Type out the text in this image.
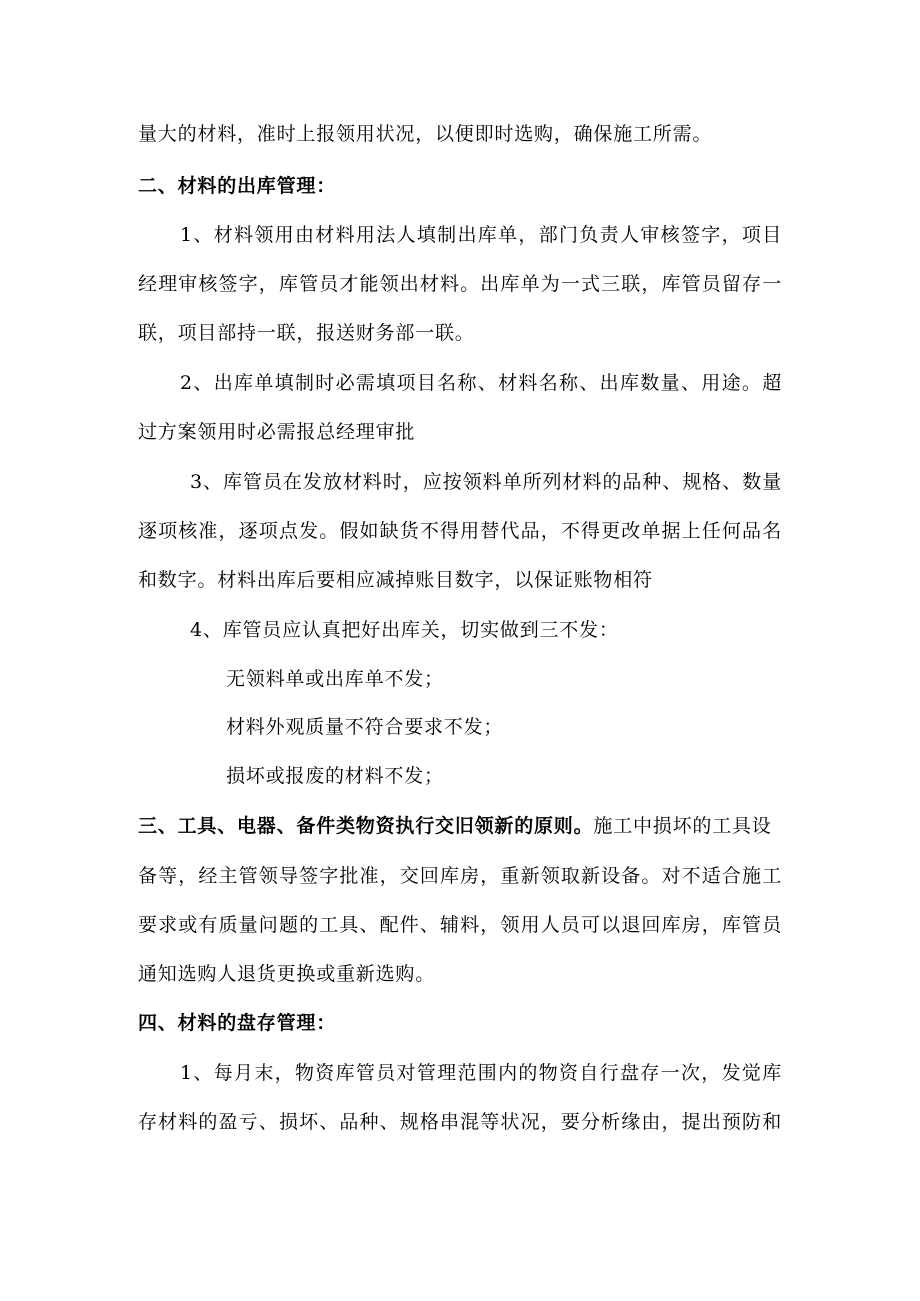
量大的材料，准时上报领用状况，以便即时选购，确保施工所需。
二、材料的出库管理：
1、材料领用由材料用法人填制出库单，部门负责人审核签字，项目
经理审核签字，库管员才能领出材料。出库单为一式三联，库管员留存一
联，项目部持一联，报送财务部一联。
2、出库单填制时必需填项目名称、材料名称、出库数量、用途。超
过方案领用时必需报总经理审批
3、库管员在发放材料时，应按领料单所列材料的品种、规格、数量
逐项核准，逐项点发。假如缺货不得用替代品，不得更改单据上任何品名
和数字。材料出库后要相应减掉账目数字，以保证账物相符
4、库管员应认真把好出库关，切实做到三不发：
无领料单或出库单不发；
材料外观质量不符合要求不发；
损坏或报废的材料不发；
三、工具、电器、备件类物资执行交旧领新的原则。施工中损坏的工具设
备等，经主管领导签字批准，交回库房，重新领取新设备。对不适合施工
要求或有质量问题的工具、配件、辅料，领用人员可以退回库房，库管员
通知选购人退货更换或重新选购。
四、材料的盘存管理：
1、每月末，物资库管员对管理范围内的物资自行盘存一次，发觉库
存材料的盈亏、损坏、品种、规格串混等状况，要分析缘由，提出预防和
